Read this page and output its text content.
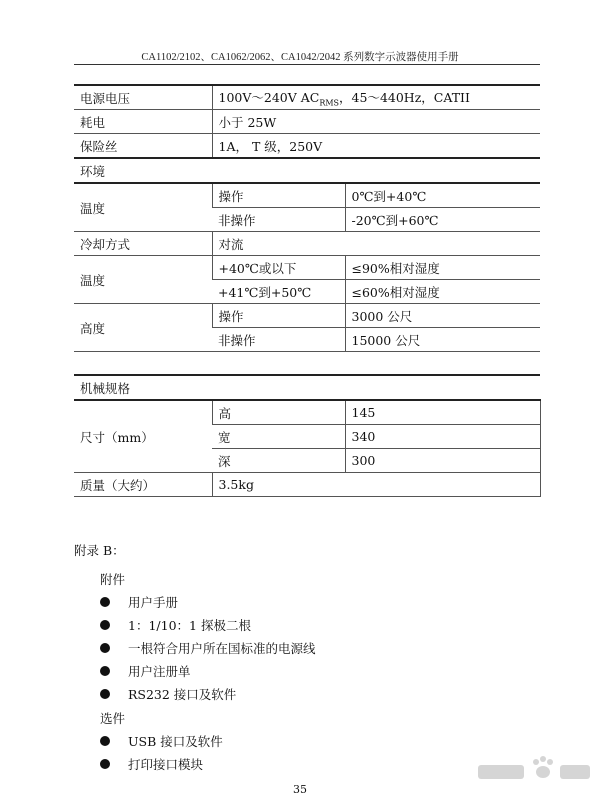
CA1102/2102、CA1062/2062、CA1042/2042 系列数字示波器使用手册
电源电压	100V～240V $AC_{RMS}$，45～440Hz，CATII	
耗电	小于 25W	
保险丝	1A， T 级，250V	
环境		
温度	操作	0℃到+40℃
	非操作	-20℃到+60℃
冷却方式	对流	
温度	+40℃或以下	≤90%相对湿度
	+41℃到+50℃	≤60%相对湿度
高度	操作	3000 公尺
	非操作	15000 公尺
机械规格		
尺寸（mm）	高	145
	宽	340
	深	300
质量（大约）	3.5kg	
附录 B：
附件
用户手册
1：1/10：1 探极二根
一根符合用户所在国标准的电源线
用户注册单
RS232 接口及软件
选件
USB 接口及软件
打印接口模块
35
